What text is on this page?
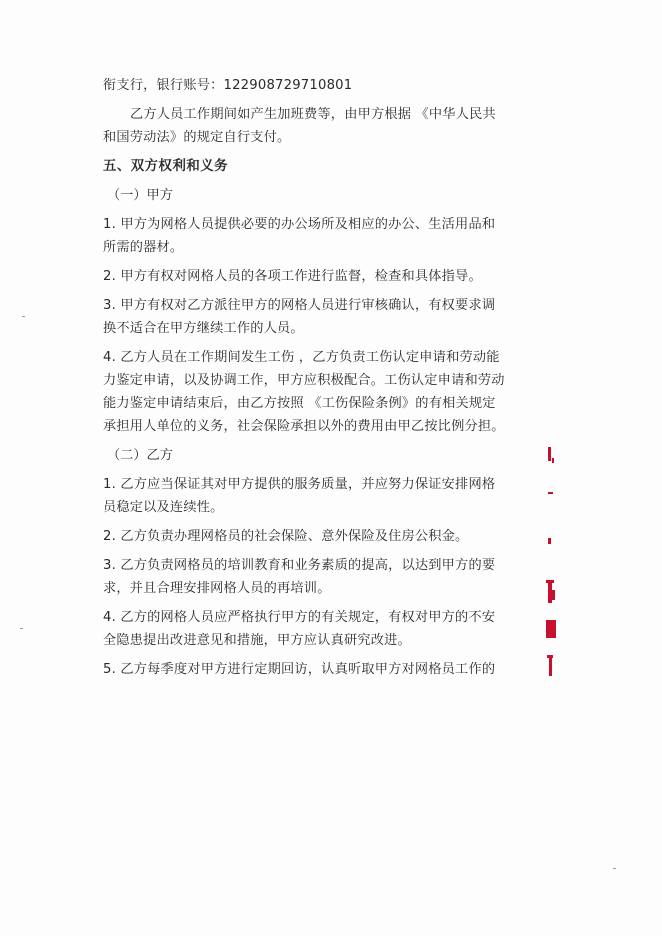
衔支行，银行账号：122908729710801
乙方人员工作期间如产生加班费等，由甲方根据 《中华人民共
和国劳动法》的规定自行支付。
五、双方权利和义务
（一）甲方
1. 甲方为网格人员提供必要的办公场所及相应的办公、生活用品和
所需的器材。
2. 甲方有权对网格人员的各项工作进行监督，检查和具体指导。
3. 甲方有权对乙方派往甲方的网格人员进行审核确认，有权要求调
换不适合在甲方继续工作的人员。
4. 乙方人员在工作期间发生工伤 ，乙方负责工伤认定申请和劳动能
力鉴定申请，以及协调工作，甲方应积极配合。工伤认定申请和劳动
能力鉴定申请结束后，由乙方按照 《工伤保险条例》的有相关规定
承担用人单位的义务，社会保险承担以外的费用由甲乙按比例分担。
（二）乙方
1. 乙方应当保证其对甲方提供的服务质量，并应努力保证安排网格
员稳定以及连续性。
2. 乙方负责办理网格员的社会保险、意外保险及住房公积金。
3. 乙方负责网格员的培训教育和业务素质的提高，以达到甲方的要
求，并且合理安排网格人员的再培训。
4. 乙方的网格人员应严格执行甲方的有关规定，有权对甲方的不安
全隐患提出改进意见和措施，甲方应认真研究改进。
5. 乙方每季度对甲方进行定期回访，认真听取甲方对网格员工作的
